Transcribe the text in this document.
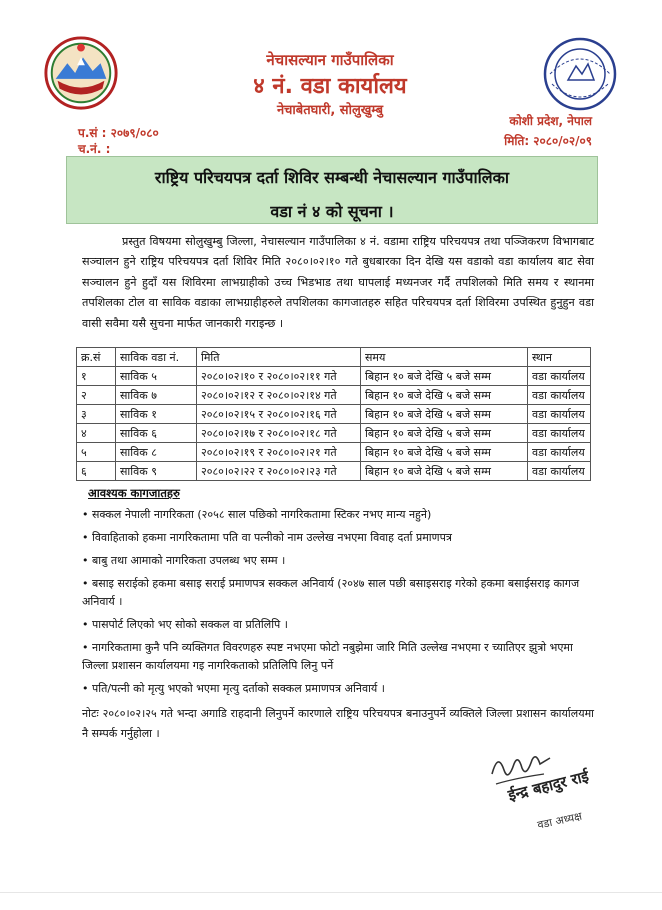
नेचासल्यान गाउँपालिका
४ नं. वडा कार्यालय
नेचाबेतघारी, सोलुखुम्बु
प.सं : २०७९/०८०
च.नं. :
कोशी प्रदेश, नेपाल
मिति: २०८०/०२/०९
राष्ट्रिय परिचयपत्र दर्ता शिविर सम्बन्धी नेचासल्यान गाउँपालिका
वडा नं ४ को सूचना ।
प्रस्तुत विषयमा सोलुखुम्बु जिल्ला, नेचासल्यान गाउँपालिका ४ नं. वडामा राष्ट्रिय परिचयपत्र तथा पञ्जिकरण विभागबाट सञ्चालन हुने राष्ट्रिय परिचयपत्र दर्ता शिविर मिति २०८०।०२।१० गते बुधबारका दिन देखि यस वडाको वडा कार्यालय बाट सेवा सञ्चालन हुने हुदाँ यस शिविरमा लाभग्राहीको उच्च भिडभाड तथा घापलाई मध्यनजर गर्दै तपशिलको मिति समय र स्थानमा तपशिलका टोल वा साविक वडाका लाभग्राहीहरुले तपशिलका कागजातहरु सहित परिचयपत्र दर्ता शिविरमा उपस्थित हुनुहुन वडा वासी सवैमा यसै सुचना मार्फत जानकारी गराइन्छ ।
क्र.सं	साविक वडा नं.	मिति	समय	स्थान
१	साविक ५	२०८०।०२।१० र २०८०।०२।११ गते	बिहान १० बजे देखि ५ बजे सम्म	वडा कार्यालय
२	साविक ७	२०८०।०२।१२ र २०८०।०२।१४ गते	बिहान १० बजे देखि ५ बजे सम्म	वडा कार्यालय
३	साविक १	२०८०।०२।१५ र २०८०।०२।१६ गते	बिहान १० बजे देखि ५ बजे सम्म	वडा कार्यालय
४	साविक ६	२०८०।०२।१७ र २०८०।०२।१८ गते	बिहान १० बजे देखि ५ बजे सम्म	वडा कार्यालय
५	साविक ८	२०८०।०२।१९ र २०८०।०२।२१ गते	बिहान १० बजे देखि ५ बजे सम्म	वडा कार्यालय
६	साविक ९	२०८०।०२।२२ र २०८०।०२।२३ गते	बिहान १० बजे देखि ५ बजे सम्म	वडा कार्यालय
आवश्यक कागजातहरु
• सक्कल नेपाली नागरिकता (२०५८ साल पछिको नागरिकतामा स्टिकर नभए मान्य नहुने)
• विवाहिताको हकमा नागरिकतामा पति वा पत्नीको नाम उल्लेख नभएमा विवाह दर्ता प्रमाणपत्र
• बाबु तथा आमाको नागरिकता उपलब्ध भए सम्म ।
• बसाइ सराईको हकमा बसाइ सराई प्रमाणपत्र सक्कल अनिवार्य (२०४७ साल पछी बसाइसराइ गरेको हकमा बसाईसराइ कागज अनिवार्य ।
• पासपोर्ट लिएको भए सोको सक्कल वा प्रतिलिपि ।
• नागरिकतामा कुनै पनि व्यक्तिगत विवरणहरु स्पष्ट नभएमा फोटो नबुझेमा जारि मिति उल्लेख नभएमा र च्यातिएर झुत्रो भएमा जिल्ला प्रशासन कार्यालयमा गइ नागरिकताको प्रतिलिपि लिनु पर्ने
• पति/पत्नी को मृत्यु भएको भएमा मृत्यु दर्ताको सक्कल प्रमाणपत्र अनिवार्य ।
नोटः २०८०।०२।२५ गते भन्दा अगाडि राहदानी लिनुपर्ने कारणाले राष्ट्रिय परिचयपत्र बनाउनुपर्ने व्यक्तिले जिल्ला प्रशासन कार्यालयमा नै सम्पर्क गर्नुहोला ।
ईन्द्र बहादुर राई
वडा अध्यक्ष
